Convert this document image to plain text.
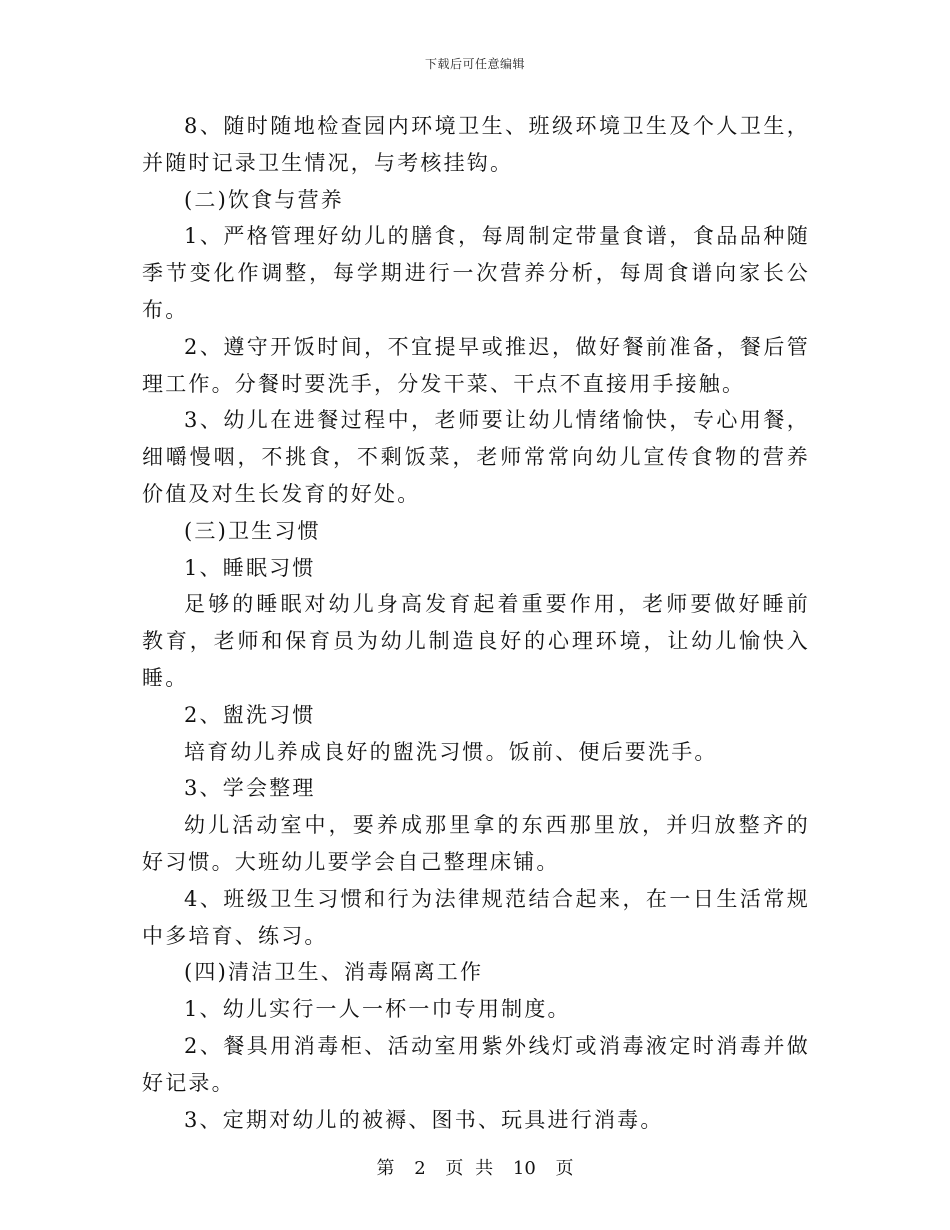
下载后可任意编辑

8、随时随地检查园内环境卫生、班级环境卫生及个人卫生，并随时记录卫生情况，与考核挂钩。

(二)饮食与营养

1、严格管理好幼儿的膳食，每周制定带量食谱，食品品种随季节变化作调整，每学期进行一次营养分析，每周食谱向家长公布。

2、遵守开饭时间，不宜提早或推迟，做好餐前准备，餐后管理工作。分餐时要洗手，分发干菜、干点不直接用手接触。

3、幼儿在进餐过程中，老师要让幼儿情绪愉快，专心用餐，细嚼慢咽，不挑食，不剩饭菜，老师常常向幼儿宣传食物的营养价值及对生长发育的好处。

(三)卫生习惯

1、睡眠习惯

足够的睡眠对幼儿身高发育起着重要作用，老师要做好睡前教育，老师和保育员为幼儿制造良好的心理环境，让幼儿愉快入睡。

2、盥洗习惯

培育幼儿养成良好的盥洗习惯。饭前、便后要洗手。

3、学会整理

幼儿活动室中，要养成那里拿的东西那里放，并归放整齐的好习惯。大班幼儿要学会自己整理床铺。

4、班级卫生习惯和行为法律规范结合起来，在一日生活常规中多培育、练习。

(四)清洁卫生、消毒隔离工作

1、幼儿实行一人一杯一巾专用制度。

2、餐具用消毒柜、活动室用紫外线灯或消毒液定时消毒并做好记录。

3、定期对幼儿的被褥、图书、玩具进行消毒。

第 2 页 共 10 页
